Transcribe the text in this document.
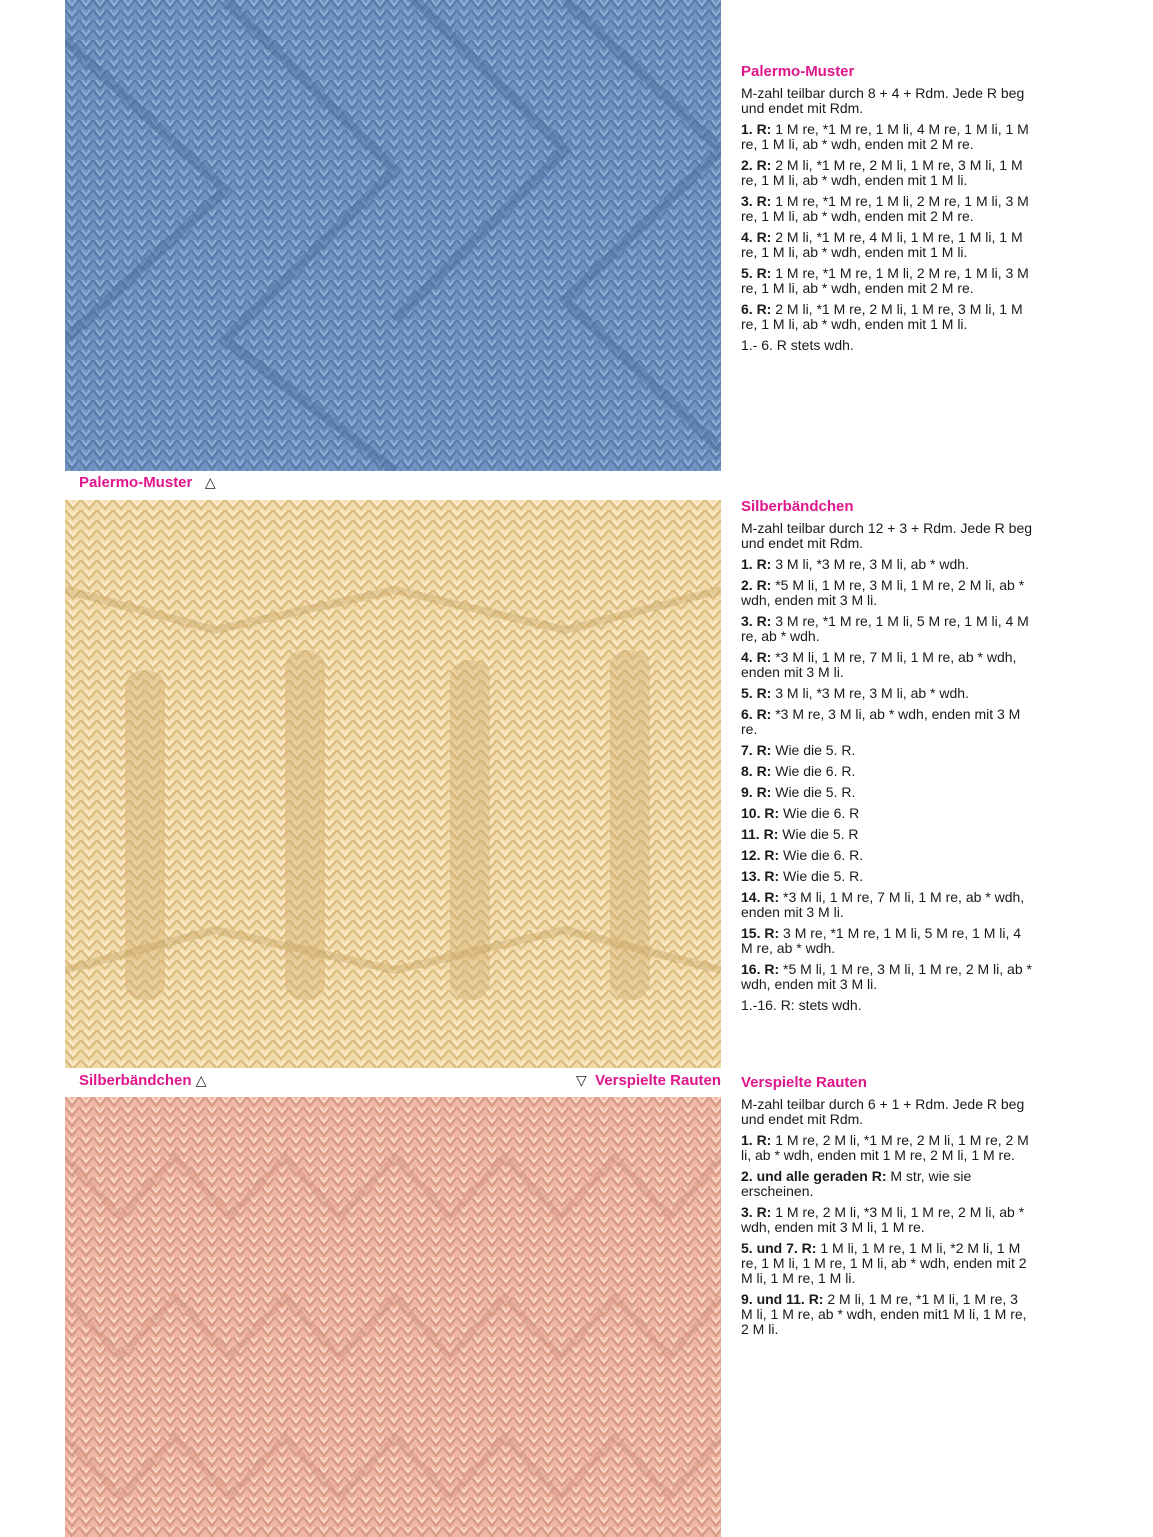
Palermo-Muster △
Silberbändchen △	▽ Verspielte Rauten
Palermo-Muster

M-zahl teilbar durch 8 + 4 + Rdm. Jede R beg und endet mit Rdm.

1. R: 1 M re, *1 M re, 1 M li, 4 M re, 1 M li, 1 M re, 1 M li, ab * wdh, enden mit 2 M re.

2. R: 2 M li, *1 M re, 2 M li, 1 M re, 3 M li, 1 M re, 1 M li, ab * wdh, enden mit 1 M li.

3. R: 1 M re, *1 M re, 1 M li, 2 M re, 1 M li, 3 M re, 1 M li, ab * wdh, enden mit 2 M re.

4. R: 2 M li, *1 M re, 4 M li, 1 M re, 1 M li, 1 M re, 1 M li, ab * wdh, enden mit 1 M li.

5. R: 1 M re, *1 M re, 1 M li, 2 M re, 1 M li, 3 M re, 1 M li, ab * wdh, enden mit 2 M re.

6. R: 2 M li, *1 M re, 2 M li, 1 M re, 3 M li, 1 M re, 1 M li, ab * wdh, enden mit 1 M li.

1.- 6. R stets wdh.

Silberbändchen

M-zahl teilbar durch 12 + 3 + Rdm. Jede R beg und endet mit Rdm.

1. R: 3 M li, *3 M re, 3 M li, ab * wdh.

2. R: *5 M li, 1 M re, 3 M li, 1 M re, 2 M li, ab * wdh, enden mit 3 M li.

3. R: 3 M re, *1 M re, 1 M li, 5 M re, 1 M li, 4 M re, ab * wdh.

4. R: *3 M li, 1 M re, 7 M li, 1 M re, ab * wdh, enden mit 3 M li.

5. R: 3 M li, *3 M re, 3 M li, ab * wdh.

6. R: *3 M re, 3 M li, ab * wdh, enden mit 3 M re.

7. R: Wie die 5. R.

8. R: Wie die 6. R.

9. R: Wie die 5. R.

10. R: Wie die 6. R

11. R: Wie die 5. R

12. R: Wie die 6. R.

13. R: Wie die 5. R.

14. R: *3 M li, 1 M re, 7 M li, 1 M re, ab * wdh, enden mit 3 M li.

15. R: 3 M re, *1 M re, 1 M li, 5 M re, 1 M li, 4 M re, ab * wdh.

16. R: *5 M li, 1 M re, 3 M li, 1 M re, 2 M li, ab * wdh, enden mit 3 M li.

1.-16. R: stets wdh.

Verspielte Rauten

M-zahl teilbar durch 6 + 1 + Rdm. Jede R beg und endet mit Rdm.

1. R: 1 M re, 2 M li, *1 M re, 2 M li, 1 M re, 2 M li, ab * wdh, enden mit 1 M re, 2 M li, 1 M re.

2. und alle geraden R: M str, wie sie erscheinen.

3. R: 1 M re, 2 M li, *3 M li, 1 M re, 2 M li, ab * wdh, enden mit 3 M li, 1 M re.

5. und 7. R: 1 M li, 1 M re, 1 M li, *2 M li, 1 M re, 1 M li, 1 M re, 1 M li, ab * wdh, enden mit 2 M li, 1 M re, 1 M li.

9. und 11. R: 2 M li, 1 M re, *1 M li, 1 M re, 3 M li, 1 M re, ab * wdh, enden mit1 M li, 1 M re, 2 M li.
